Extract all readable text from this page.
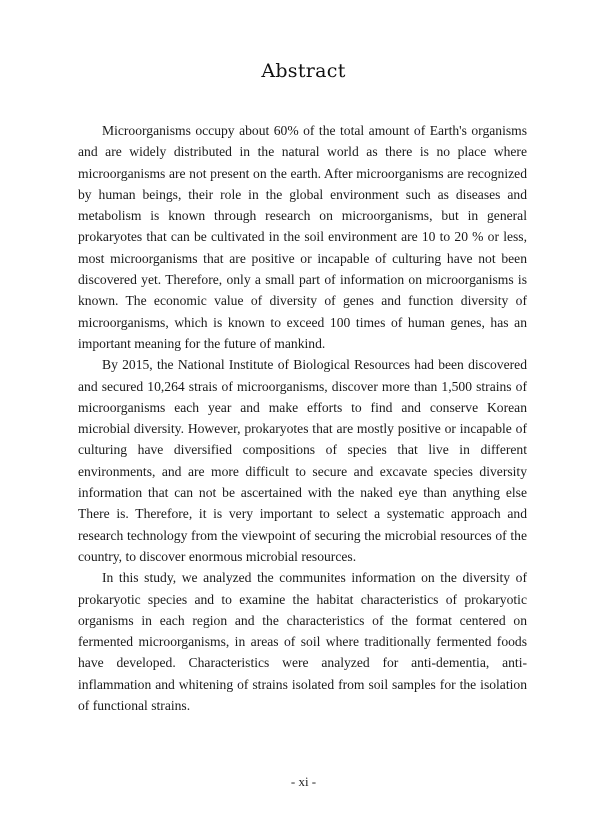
Abstract

Microorganisms occupy about 60% of the total amount of Earth's organisms and are widely distributed in the natural world as there is no place where microorganisms are not present on the earth. After microorganisms are recognized by human beings, their role in the global environment such as diseases and metabolism is known through research on microorganisms, but in general prokaryotes that can be cultivated in the soil environment are 10 to 20 % or less, most microorganisms that are positive or incapable of culturing have not been discovered yet. Therefore, only a small part of information on microorganisms is known. The economic value of diversity of genes and function diversity of microorganisms, which is known to exceed 100 times of human genes, has an important meaning for the future of mankind.

By 2015, the National Institute of Biological Resources had been discovered and secured 10,264 strais of microorganisms, discover more than 1,500 strains of microorganisms each year and make efforts to find and conserve Korean microbial diversity. However, prokaryotes that are mostly positive or incapable of culturing have diversified compositions of species that live in different environments, and are more difficult to secure and excavate species diversity information that can not be ascertained with the naked eye than anything else There is. Therefore, it is very important to select a systematic approach and research technology from the viewpoint of securing the microbial resources of the country, to discover enormous microbial resources.

In this study, we analyzed the communites information on the diversity of prokaryotic species and to examine the habitat characteristics of prokaryotic organisms in each region and the characteristics of the format centered on fermented microorganisms, in areas of soil where traditionally fermented foods have developed. Characteristics were analyzed for anti-dementia, anti-inflammation and whitening of strains isolated from soil samples for the isolation of functional strains.

- xi -
